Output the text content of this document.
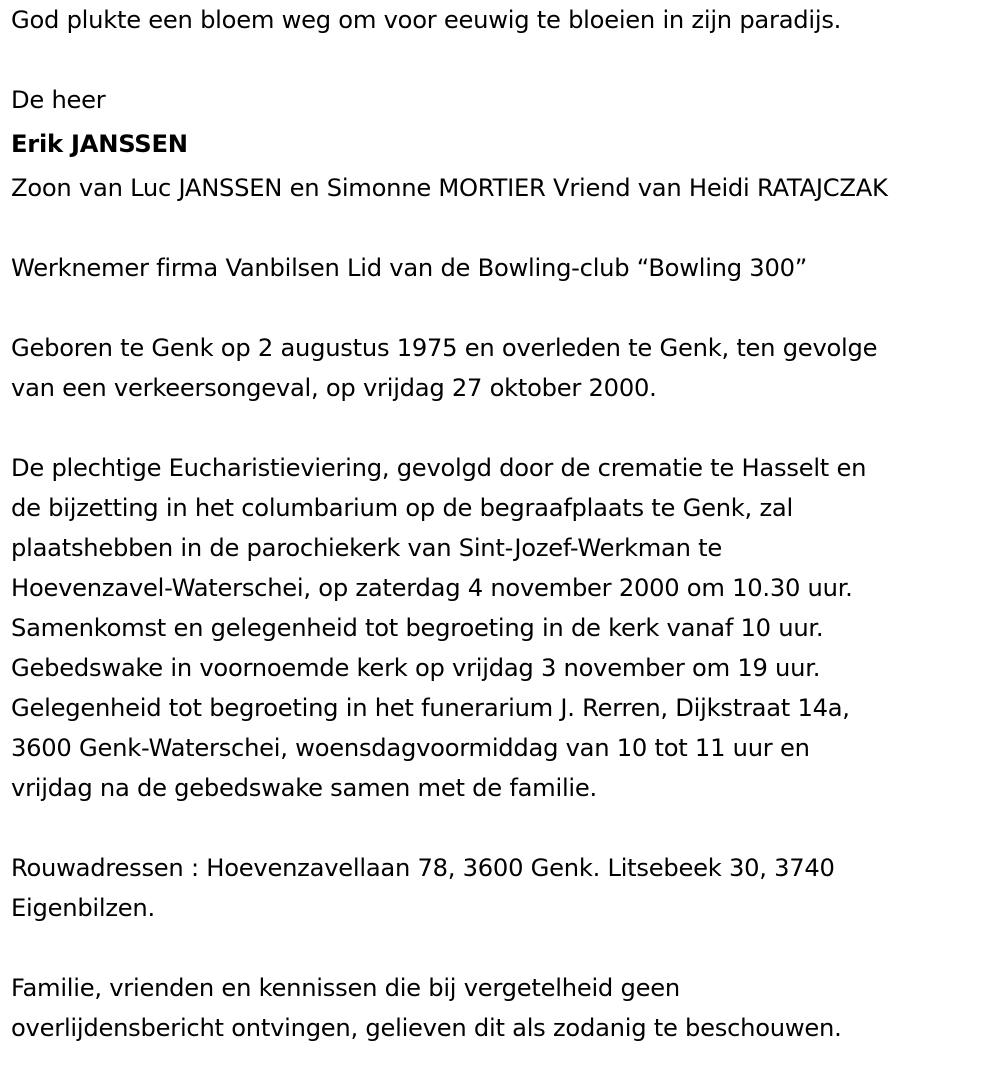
God plukte een bloem weg om voor eeuwig te bloeien in zijn paradijs.
De heer
Erik JANSSEN
Zoon van Luc JANSSEN en Simonne MORTIER Vriend van Heidi RATAJCZAK
Werknemer firma Vanbilsen Lid van de Bowling-club “Bowling 300”
Geboren te Genk op 2 augustus 1975 en overleden te Genk, ten gevolge
van een verkeersongeval, op vrijdag 27 oktober 2000.
De plechtige Eucharistieviering, gevolgd door de crematie te Hasselt en
de bijzetting in het columbarium op de begraafplaats te Genk, zal
plaatshebben in de parochiekerk van Sint-Jozef-Werkman te
Hoevenzavel-Waterschei, op zaterdag 4 november 2000 om 10.30 uur.
Samenkomst en gelegenheid tot begroeting in de kerk vanaf 10 uur.
Gebedswake in voornoemde kerk op vrijdag 3 november om 19 uur.
Gelegenheid tot begroeting in het funerarium J. Rerren, Dijkstraat 14a,
3600 Genk-Waterschei, woensdagvoormiddag van 10 tot 11 uur en
vrijdag na de gebedswake samen met de familie.
Rouwadressen : Hoevenzavellaan 78, 3600 Genk. Litsebeek 30, 3740
Eigenbilzen.
Familie, vrienden en kennissen die bij vergetelheid geen
overlijdensbericht ontvingen, gelieven dit als zodanig te beschouwen.
